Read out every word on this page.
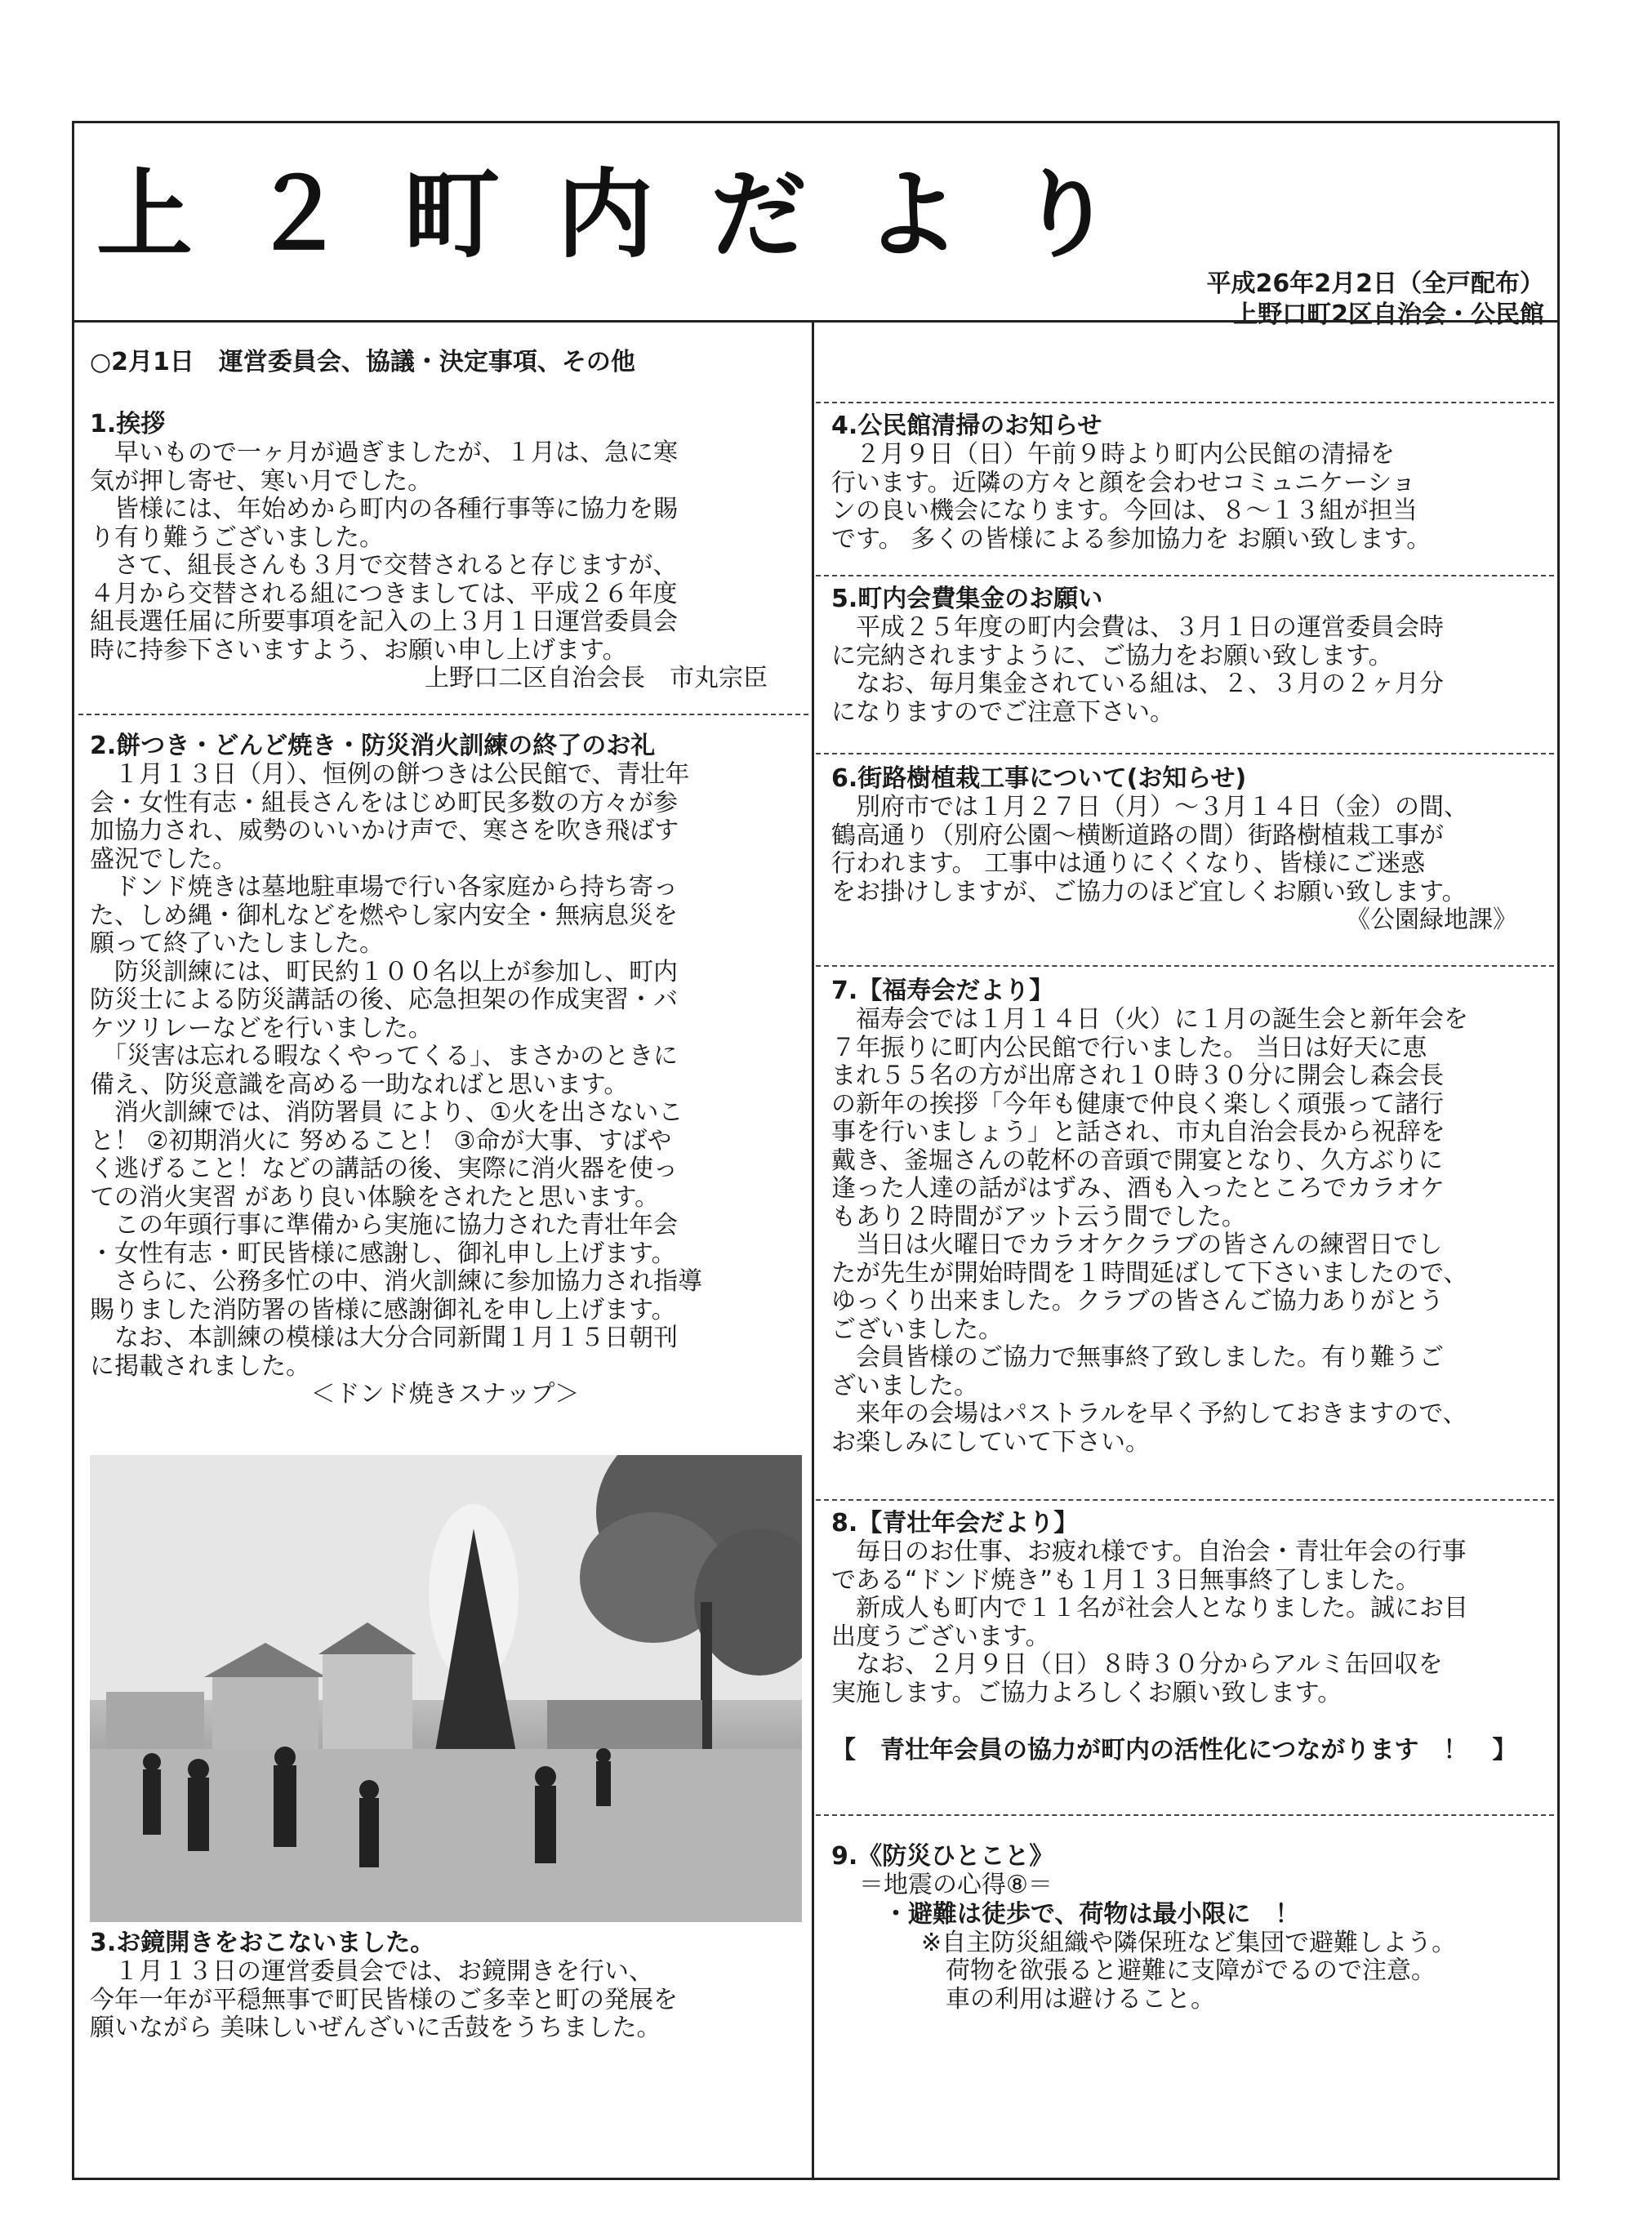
上２町内だより
平成26年2月2日（全戸配布）
上野口町2区自治会・公民館

○2月1日　運営委員会、協議・決定事項、その他

1.挨拶

　早いもので一ヶ月が過ぎましたが、１月は、急に寒

気が押し寄せ、寒い月でした。

　皆様には、年始めから町内の各種行事等に協力を賜

り有り難うございました。

　さて、組長さんも３月で交替されると存じますが、

４月から交替される組につきましては、平成２６年度

組長選任届に所要事項を記入の上３月１日運営委員会

時に持参下さいますよう、お願い申し上げます。

上野口二区自治会長　市丸宗臣

2.餅つき・どんど焼き・防災消火訓練の終了のお礼

　１月１３日（月）、恒例の餅つきは公民館で、青壮年

会・女性有志・組長さんをはじめ町民多数の方々が参

加協力され、威勢のいいかけ声で、寒さを吹き飛ばす

盛況でした。

　ドンド焼きは墓地駐車場で行い各家庭から持ち寄っ

た、しめ縄・御札などを燃やし家内安全・無病息災を

願って終了いたしました。

　防災訓練には、町民約１００名以上が参加し、町内

防災士による防災講話の後、応急担架の作成実習・バ

ケツリレーなどを行いました。

　「災害は忘れる暇なくやってくる」、まさかのときに

備え、防災意識を高める一助なればと思います。

　消火訓練では、消防署員 により、①火を出さないこ

と！ ②初期消火に 努めること！ ③命が大事、すばや

く逃げること！などの講話の後、実際に消火器を使っ

ての消火実習 があり良い体験をされたと思います。

　この年頭行事に準備から実施に協力された青壮年会

・女性有志・町民皆様に感謝し、御礼申し上げます。

　さらに、公務多忙の中、消火訓練に参加協力され指導

賜りました消防署の皆様に感謝御礼を申し上げます。

　なお、本訓練の模様は大分合同新聞１月１５日朝刊

に掲載されました。

＜ドンド焼きスナップ＞

3.お鏡開きをおこないました。

　１月１３日の運営委員会では、お鏡開きを行い、

今年一年が平穏無事で町民皆様のご多幸と町の発展を

願いながら 美味しいぜんざいに舌鼓をうちました。

4.公民館清掃のお知らせ

　２月９日（日）午前９時より町内公民館の清掃を

行います。近隣の方々と顔を会わせコミュニケーショ

ンの良い機会になります。今回は、８～１３組が担当

です。 多くの皆様による参加協力を お願い致します。

5.町内会費集金のお願い

　平成２５年度の町内会費は、３月１日の運営委員会時

に完納されますように、ご協力をお願い致します。

　なお、毎月集金されている組は、２、３月の２ヶ月分

になりますのでご注意下さい。

6.街路樹植栽工事について(お知らせ)

　別府市では１月２７日（月）～３月１４日（金）の間、

鶴高通り（別府公園～横断道路の間）街路樹植栽工事が

行われます。 工事中は通りにくくなり、皆様にご迷惑

をお掛けしますが、ご協力のほど宜しくお願い致します。

《公園緑地課》

7.【福寿会だより】

　福寿会では１月１４日（火）に１月の誕生会と新年会を

７年振りに町内公民館で行いました。 当日は好天に恵

まれ５５名の方が出席され１０時３０分に開会し森会長

の新年の挨拶「今年も健康で仲良く楽しく頑張って諸行

事を行いましょう」と話され、市丸自治会長から祝辞を

戴き、釜堀さんの乾杯の音頭で開宴となり、久方ぶりに

逢った人達の話がはずみ、酒も入ったところでカラオケ

もあり２時間がアット云う間でした。

　当日は火曜日でカラオケクラブの皆さんの練習日でし

たが先生が開始時間を１時間延ばして下さいましたので、

ゆっくり出来ました。クラブの皆さんご協力ありがとう

ございました。

　会員皆様のご協力で無事終了致しました。有り難うご

ざいました。

　来年の会場はパストラルを早く予約しておきますので、

お楽しみにしていて下さい。

8.【青壮年会だより】

　毎日のお仕事、お疲れ様です。自治会・青壮年会の行事

である“ドンド焼き”も１月１３日無事終了しました。

　新成人も町内で１１名が社会人となりました。誠にお目

出度うございます。

　なお、２月９日（日）８時３０分からアルミ缶回収を

実施します。ご協力よろしくお願い致します。

【　青壮年会員の協力が町内の活性化につながります　！　】

9.《防災ひとこと》

＝地震の心得⑧＝

・避難は徒歩で、荷物は最小限に　！

※自主防災組織や隣保班など集団で避難しよう。

　荷物を欲張ると避難に支障がでるので注意。

　車の利用は避けること。
